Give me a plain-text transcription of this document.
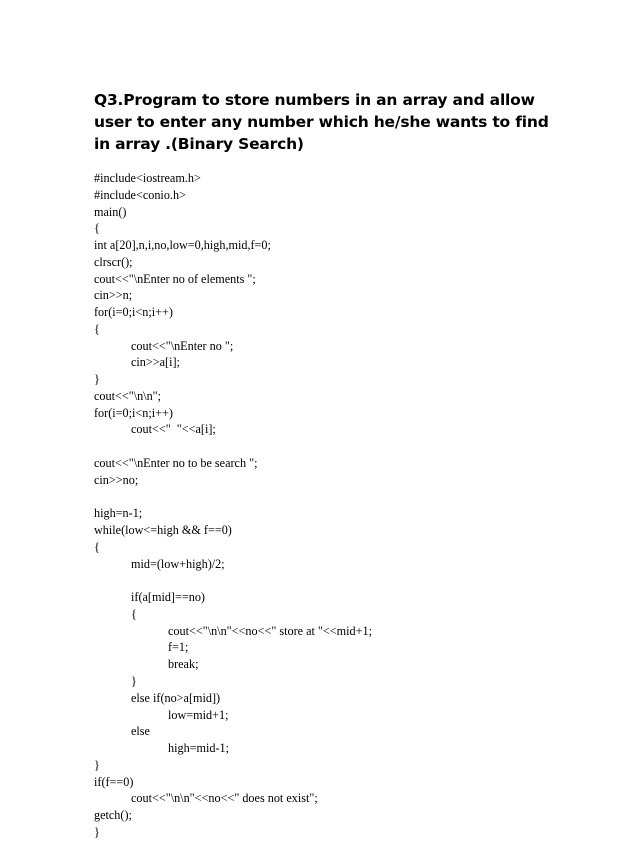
Q3.Program to store numbers in an array and allow user to enter any number which he/she wants to find in array .(Binary Search)
#include<iostream.h>
#include<conio.h>
main()
{
int a[20],n,i,no,low=0,high,mid,f=0;
clrscr();
cout<<"\nEnter no of elements ";
cin>>n;
for(i=0;i<n;i++)
{
cout<<"\nEnter no ";
cin>>a[i];
}
cout<<"\n\n";
for(i=0;i<n;i++)
cout<<"  "<<a[i];
cout<<"\nEnter no to be search ";
cin>>no;
high=n-1;
while(low<=high && f==0)
{
mid=(low+high)/2;
if(a[mid]==no)
{
cout<<"\n\n"<<no<<" store at "<<mid+1;
f=1;
break;
}
else if(no>a[mid])
low=mid+1;
else
high=mid-1;
}
if(f==0)
cout<<"\n\n"<<no<<" does not exist";
getch();
}
